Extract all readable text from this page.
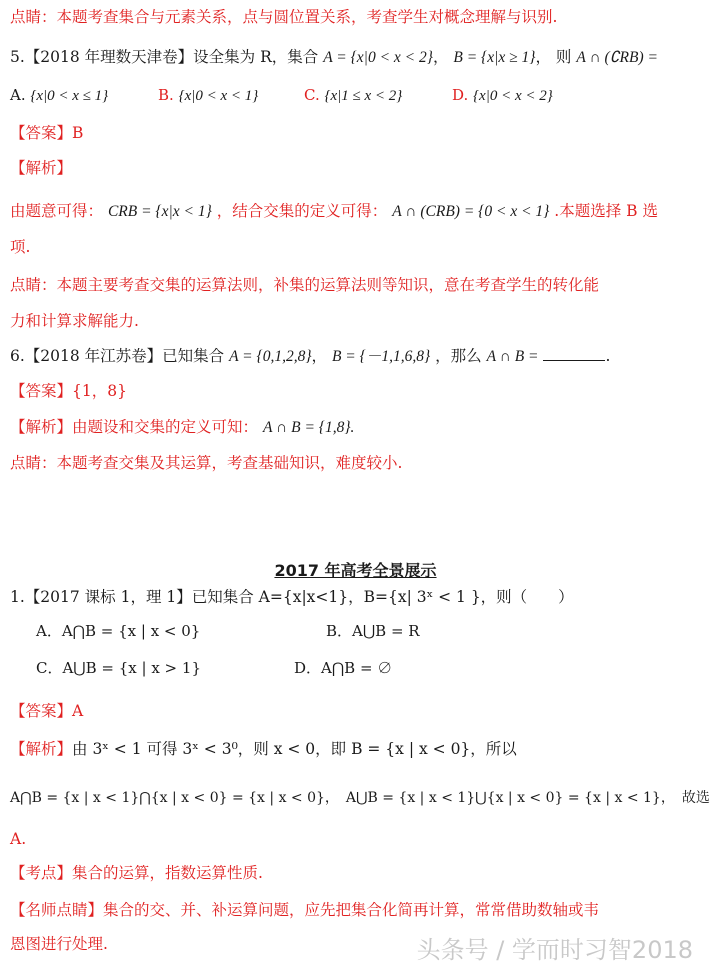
点睛：本题考查集合与元素关系，点与圆位置关系，考查学生对概念理解与识别.
5.【2018 年理数天津卷】设全集为 R，集合 A = {x|0 < x < 2}， B = {x|x ≥ 1}， 则 A ∩ (∁RB) =
A. {x|0 < x ≤ 1}	B. {x|0 < x < 1}	C. {x|1 ≤ x < 2}	D. {x|0 < x < 2}
【答案】B
【解析】
由题意可得： CRB = {x|x < 1} ，结合交集的定义可得： A ∩ (CRB) = {0 < x < 1} .本题选择 B 选
项.
点睛：本题主要考查交集的运算法则，补集的运算法则等知识，意在考查学生的转化能
力和计算求解能力.
6.【2018 年江苏卷】已知集合 A = {0,1,2,8}， B = {－1,1,6,8} ，那么 A ∩ B =	.
【答案】{1，8}
【解析】由题设和交集的定义可知： A ∩ B = {1,8}.
点睛：本题考查交集及其运算，考查基础知识，难度较小.
2017 年高考全景展示
1.【2017 课标 1，理 1】已知集合 A={x|x<1}，B={x| 3ˣ < 1 }，则（　　）
A．A⋂B = {x | x < 0}	B．A⋃B = R
C．A⋃B = {x | x > 1}	D．A⋂B = ∅
【答案】A
【解析】由 3ˣ < 1 可得 3ˣ < 3⁰，则 x < 0，即 B = {x | x < 0}，所以
A⋂B = {x | x < 1}⋂{x | x < 0} = {x | x < 0}，　A⋃B = {x | x < 1}⋃{x | x < 0} = {x | x < 1}，　故选
A.
【考点】集合的运算，指数运算性质.
【名师点睛】集合的交、并、补运算问题，应先把集合化简再计算，常常借助数轴或韦
恩图进行处理.	头条号 / 学而时习智2018
